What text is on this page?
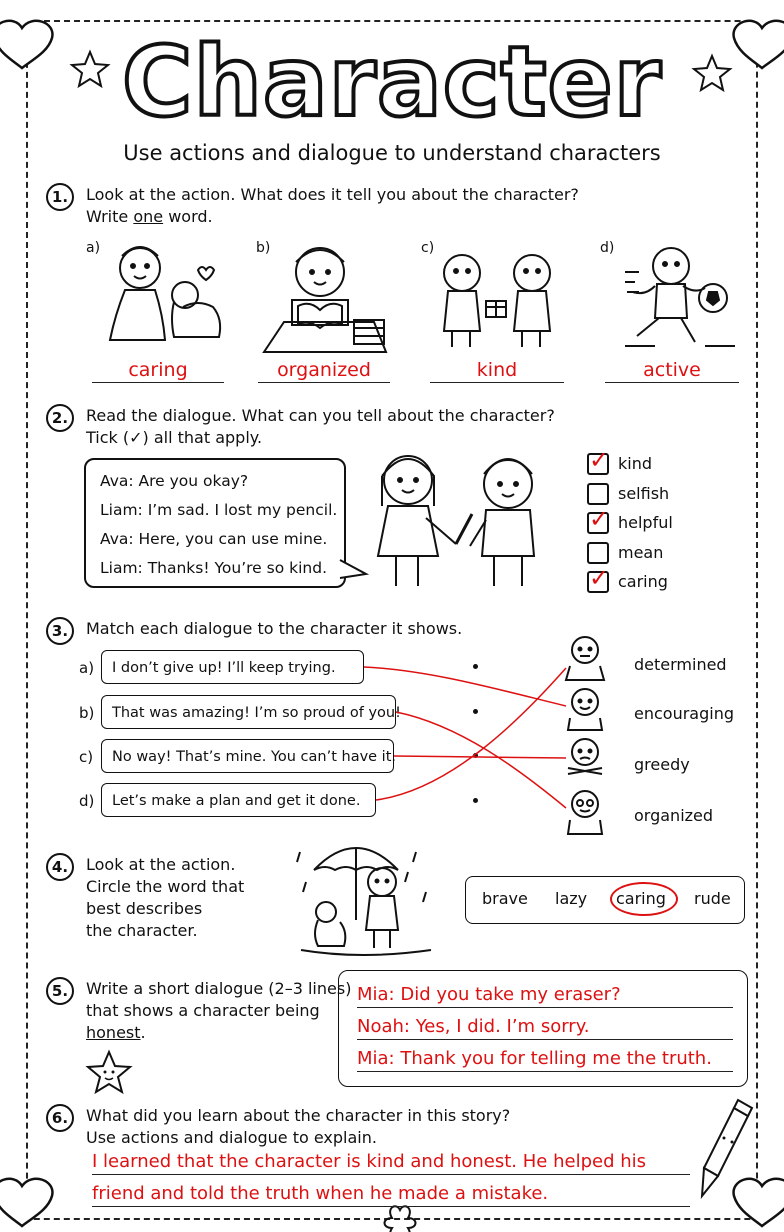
Character
Use actions and dialogue to understand characters
1.	Look at the action. What does it tell you about the character?
Write one word.
a)	b)	c)	d)
caring	organized	kind	active
2.	Read the dialogue. What can you tell about the character?
Tick (✓) all that apply.
Ava: Are you okay?
Liam: I’m sad. I lost my pencil.
Ava: Here, you can use mine.
Liam: Thanks! You’re so kind.
✓ kind
selfish
✓ helpful
mean
✓ caring
3.	Match each dialogue to the character it shows.
a)
b)
c)
d)
I don’t give up! I’ll keep trying.
That was amazing! I’m so proud of you!
No way! That’s mine. You can’t have it.
Let’s make a plan and get it done.
determined
encouraging
greedy
organized
4.	Look at the action.
Circle the word that
best describes
the character.
brave lazy caring rude
5.	Write a short dialogue (2–3 lines)
that shows a character being
honest.
Mia: Did you take my eraser?
Noah: Yes, I did. I’m sorry.
Mia: Thank you for telling me the truth.
6.	What did you learn about the character in this story?
Use actions and dialogue to explain.
I learned that the character is kind and honest. He helped his
friend and told the truth when he made a mistake.
